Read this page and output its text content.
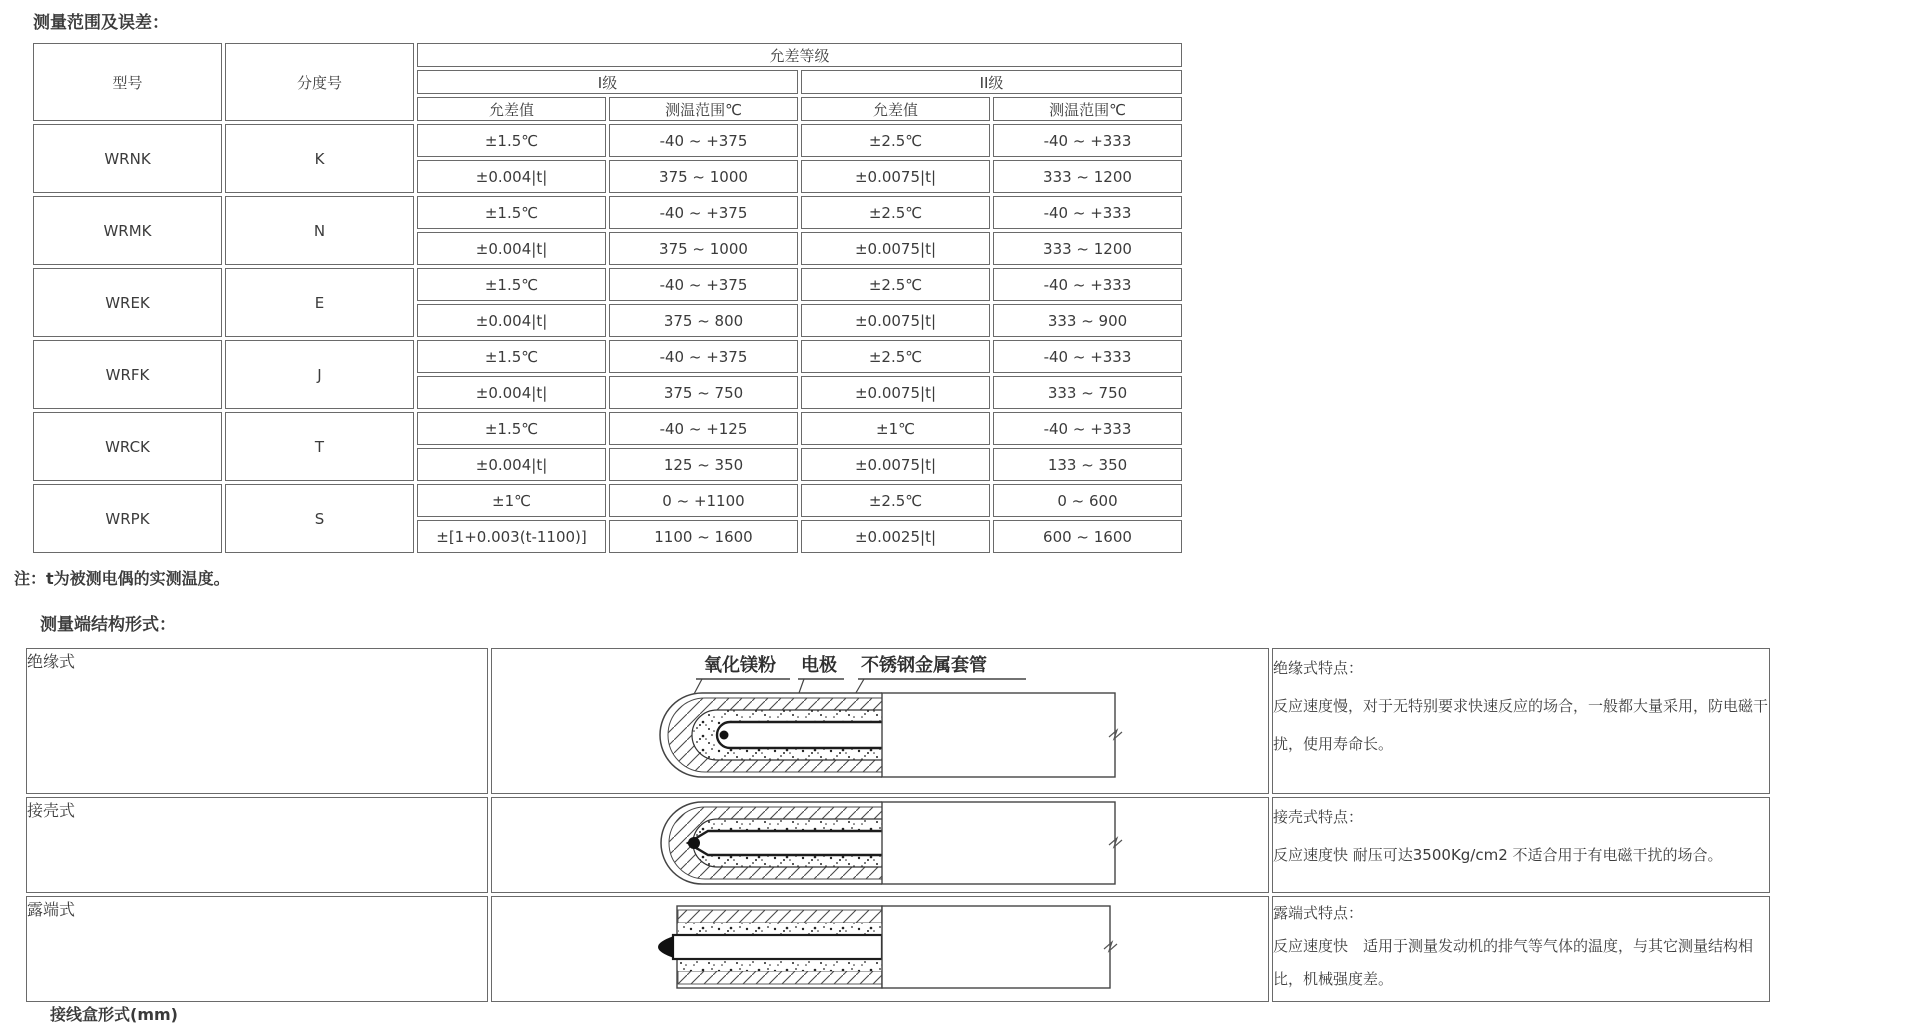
测量范围及误差：
型号	分度号	允差等级			
		I级		II级	
		允差值	测温范围℃	允差值	测温范围℃
WRNK	K	±1.5℃	-40 ~ +375	±2.5℃	-40 ~ +333
		±0.004|t|	375 ~ 1000	±0.0075|t|	333 ~ 1200
WRMK	N	±1.5℃	-40 ~ +375	±2.5℃	-40 ~ +333
		±0.004|t|	375 ~ 1000	±0.0075|t|	333 ~ 1200
WREK	E	±1.5℃	-40 ~ +375	±2.5℃	-40 ~ +333
		±0.004|t|	375 ~ 800	±0.0075|t|	333 ~ 900
WRFK	J	±1.5℃	-40 ~ +375	±2.5℃	-40 ~ +333
		±0.004|t|	375 ~ 750	±0.0075|t|	333 ~ 750
WRCK	T	±1.5℃	-40 ~ +125	±1℃	-40 ~ +333
		±0.004|t|	125 ~ 350	±0.0075|t|	133 ~ 350
WRPK	S	±1℃	0 ~ +1100	±2.5℃	0 ~ 600
		±[1+0.003(t-1100)]	1100 ~ 1600	±0.0025|t|	600 ~ 1600
注：t为被测电偶的实测温度。
测量端结构形式：
绝缘式	氧化镁粉 电极 不锈钢金属套管	绝缘式特点：
反应速度慢，对于无特别要求快速反应的场合，一般都大量采用，防电磁干扰，使用寿命长。

接壳式		接壳式特点：
反应速度快 耐压可达3500Kg/cm2 不适合用于有电磁干扰的场合。

露端式		露端式特点：
反应速度快　适用于测量发动机的排气等气体的温度，与其它测量结构相比，机械强度差。
接线盒形式(mm)
